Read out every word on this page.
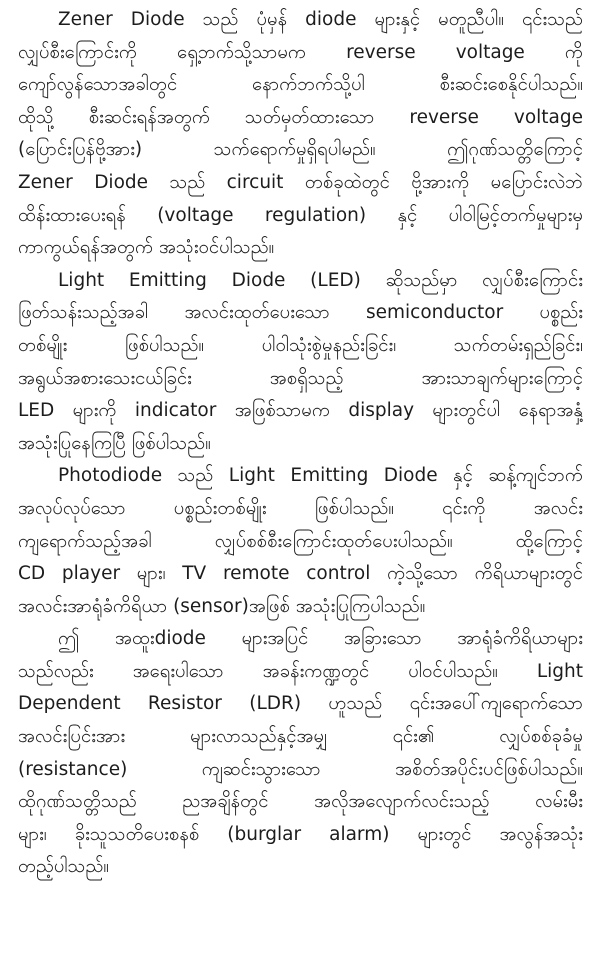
Zener Diode သည် ပုံမှန် diode များနှင့် မတူညီပါ။ ၎င်းသည်
လျှပ်စီးကြောင်းကို ရှေ့ဘက်သို့သာမက reverse voltage ကို
ကျော်လွန်သောအခါတွင် နောက်ဘက်သို့ပါ စီးဆင်းစေနိုင်ပါသည်။
ထိုသို့ စီးဆင်းရန်အတွက် သတ်မှတ်ထားသော reverse voltage
(ပြောင်းပြန်ဗို့အား) သက်ရောက်မှုရှိရပါမည်။ ဤဂုဏ်သတ္တိကြောင့်
Zener Diode သည် circuit တစ်ခုထဲတွင် ဗို့အားကို မပြောင်းလဲဘဲ
ထိန်းထားပေးရန် (voltage regulation) နှင့် ပါဝါမြင့်တက်မှုများမှ
ကာကွယ်ရန်အတွက် အသုံးဝင်ပါသည်။
Light Emitting Diode (LED) ဆိုသည်မှာ လျှပ်စီးကြောင်း
ဖြတ်သန်းသည့်အခါ အလင်းထုတ်ပေးသော semiconductor ပစ္စည်း
တစ်မျိုး ဖြစ်ပါသည်။ ပါဝါသုံးစွဲမှုနည်းခြင်း၊ သက်တမ်းရှည်ခြင်း၊
အရွယ်အစားသေးငယ်ခြင်း အစရှိသည့် အားသာချက်များကြောင့်
LED များကို indicator အဖြစ်သာမက display များတွင်ပါ နေရာအနှံ့
အသုံးပြုနေကြပြီ ဖြစ်ပါသည်။
Photodiode သည် Light Emitting Diode နှင့် ဆန့်ကျင်ဘက်
အလုပ်လုပ်သော ပစ္စည်းတစ်မျိုး ဖြစ်ပါသည်။ ၎င်းကို အလင်း
ကျရောက်သည့်အခါ လျှပ်စစ်စီးကြောင်းထုတ်ပေးပါသည်။ ထို့ကြောင့်
CD player များ၊ TV remote control ကဲ့သို့သော ကိရိယာများတွင်
အလင်းအာရုံခံကိရိယာ (sensor)အဖြစ် အသုံးပြုကြပါသည်။
ဤ အထူးdiode များအပြင် အခြားသော အာရုံခံကိရိယာများ
သည်လည်း အရေးပါသော အခန်းကဏ္ဍတွင် ပါဝင်ပါသည်။ Light
Dependent Resistor (LDR) ဟူသည် ၎င်းအပေါ်ကျရောက်သော
အလင်းပြင်းအား များလာသည်နှင့်အမျှ ၎င်း၏ လျှပ်စစ်ခုခံမှု
(resistance) ကျဆင်းသွားသော အစိတ်အပိုင်းပင်ဖြစ်ပါသည်။
ထိုဂုဏ်သတ္တိသည် ညအချိန်တွင် အလိုအလျောက်လင်းသည့် လမ်းမီး
များ၊ ခိုးသူသတိပေးစနစ် (burglar alarm) များတွင် အလွန်အသုံး
တည့်ပါသည်။
